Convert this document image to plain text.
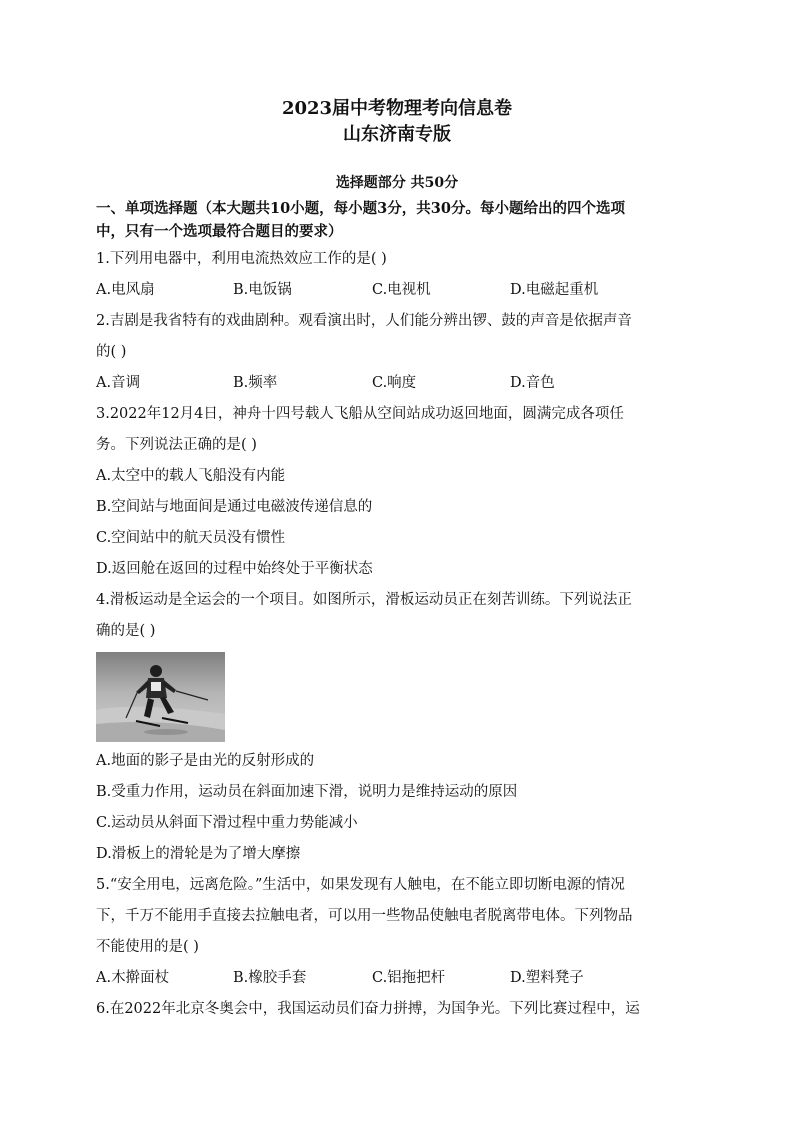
2023届中考物理考向信息卷
山东济南专版
选择题部分 共50分
一、单项选择题（本大题共10小题，每小题3分，共30分。每小题给出的四个选项
中，只有一个选项最符合题目的要求）
1.下列用电器中，利用电流热效应工作的是( )
A.电风扇	B.电饭锅	C.电视机	D.电磁起重机
2.吉剧是我省特有的戏曲剧种。观看演出时，人们能分辨出锣、鼓的声音是依据声音
的( )
A.音调	B.频率	C.响度	D.音色
3.2022年12月4日，神舟十四号载人飞船从空间站成功返回地面，圆满完成各项任
务。下列说法正确的是( )
A.太空中的载人飞船没有内能
B.空间站与地面间是通过电磁波传递信息的
C.空间站中的航天员没有惯性
D.返回舱在返回的过程中始终处于平衡状态
4.滑板运动是全运会的一个项目。如图所示，滑板运动员正在刻苦训练。下列说法正
确的是( )
A.地面的影子是由光的反射形成的
B.受重力作用，运动员在斜面加速下滑，说明力是维持运动的原因
C.运动员从斜面下滑过程中重力势能减小
D.滑板上的滑轮是为了增大摩擦
5.“安全用电，远离危险。”生活中，如果发现有人触电，在不能立即切断电源的情况
下，千万不能用手直接去拉触电者，可以用一些物品使触电者脱离带电体。下列物品
不能使用的是( )
A.木擀面杖	B.橡胶手套	C.铝拖把杆	D.塑料凳子
6.在2022年北京冬奥会中，我国运动员们奋力拼搏，为国争光。下列比赛过程中，运
